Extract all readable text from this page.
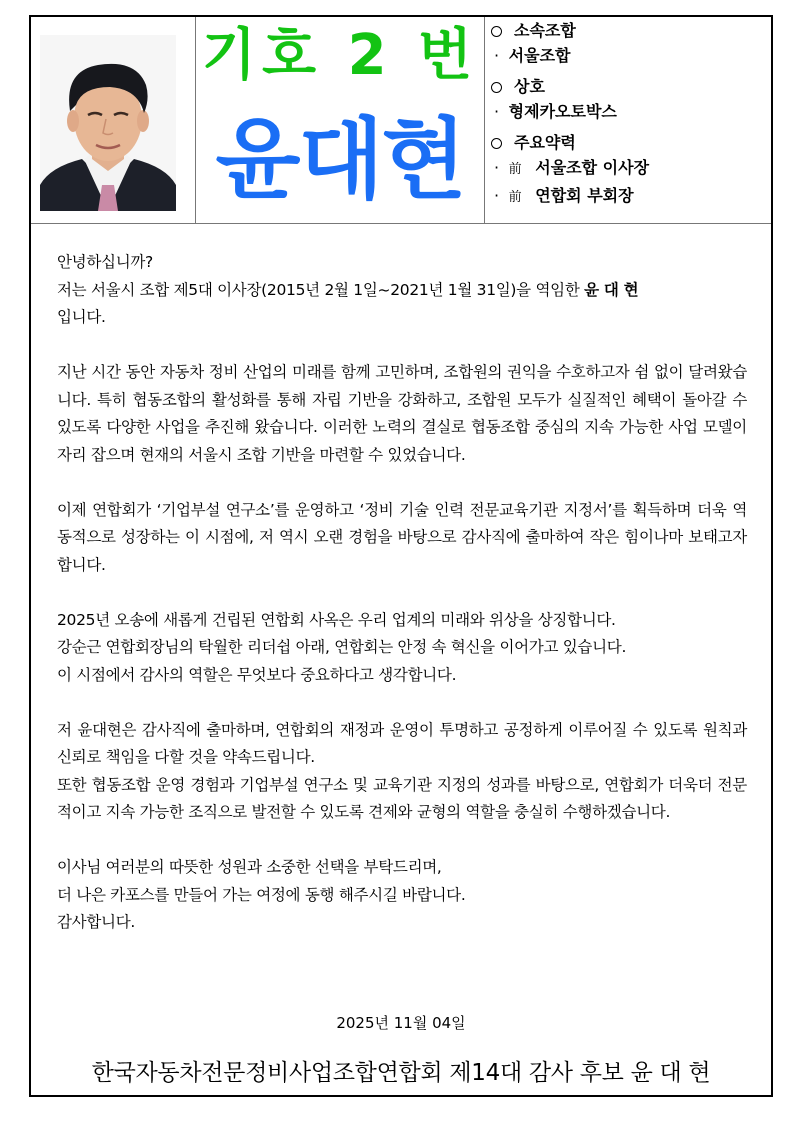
기호 2 번
윤대현
소속조합
· 서울조합
상호
· 형제카오토박스
주요약력
· 前 서울조합 이사장
· 前 연합회 부회장

안녕하십니까?
저는 서울시 조합 제5대 이사장(2015년 2월 1일~2021년 1월 31일)을 역임한 윤 대 현
입니다.

지난 시간 동안 자동차 정비 산업의 미래를 함께 고민하며, 조합원의 권익을 수호하고자 쉼 없이 달려왔습니다. 특히 협동조합의 활성화를 통해 자립 기반을 강화하고, 조합원 모두가 실질적인 혜택이 돌아갈 수 있도록 다양한 사업을 추진해 왔습니다. 이러한 노력의 결실로 협동조합 중심의 지속 가능한 사업 모델이 자리 잡으며 현재의 서울시 조합 기반을 마련할 수 있었습니다.

이제 연합회가 ‘기업부설 연구소’를 운영하고 ‘정비 기술 인력 전문교육기관 지정서’를 획득하며 더욱 역동적으로 성장하는 이 시점에, 저 역시 오랜 경험을 바탕으로 감사직에 출마하여 작은 힘이나마 보태고자 합니다.

2025년 오송에 새롭게 건립된 연합회 사옥은 우리 업계의 미래와 위상을 상징합니다.
강순근 연합회장님의 탁월한 리더쉽 아래, 연합회는 안정 속 혁신을 이어가고 있습니다.
이 시점에서 감사의 역할은 무엇보다 중요하다고 생각합니다.

저 윤대현은 감사직에 출마하며, 연합회의 재정과 운영이 투명하고 공정하게 이루어질 수 있도록 원칙과 신뢰로 책임을 다할 것을 약속드립니다.
또한 협동조합 운영 경험과 기업부설 연구소 및 교육기관 지정의 성과를 바탕으로, 연합회가 더욱더 전문적이고 지속 가능한 조직으로 발전할 수 있도록 견제와 균형의 역할을 충실히 수행하겠습니다.

이사님 여러분의 따뜻한 성원과 소중한 선택을 부탁드리며,
더 나은 카포스를 만들어 가는 여정에 동행 해주시길 바랍니다.
감사합니다.

2025년 11월 04일
한국자동차전문정비사업조합연합회 제14대 감사 후보 윤 대 현
